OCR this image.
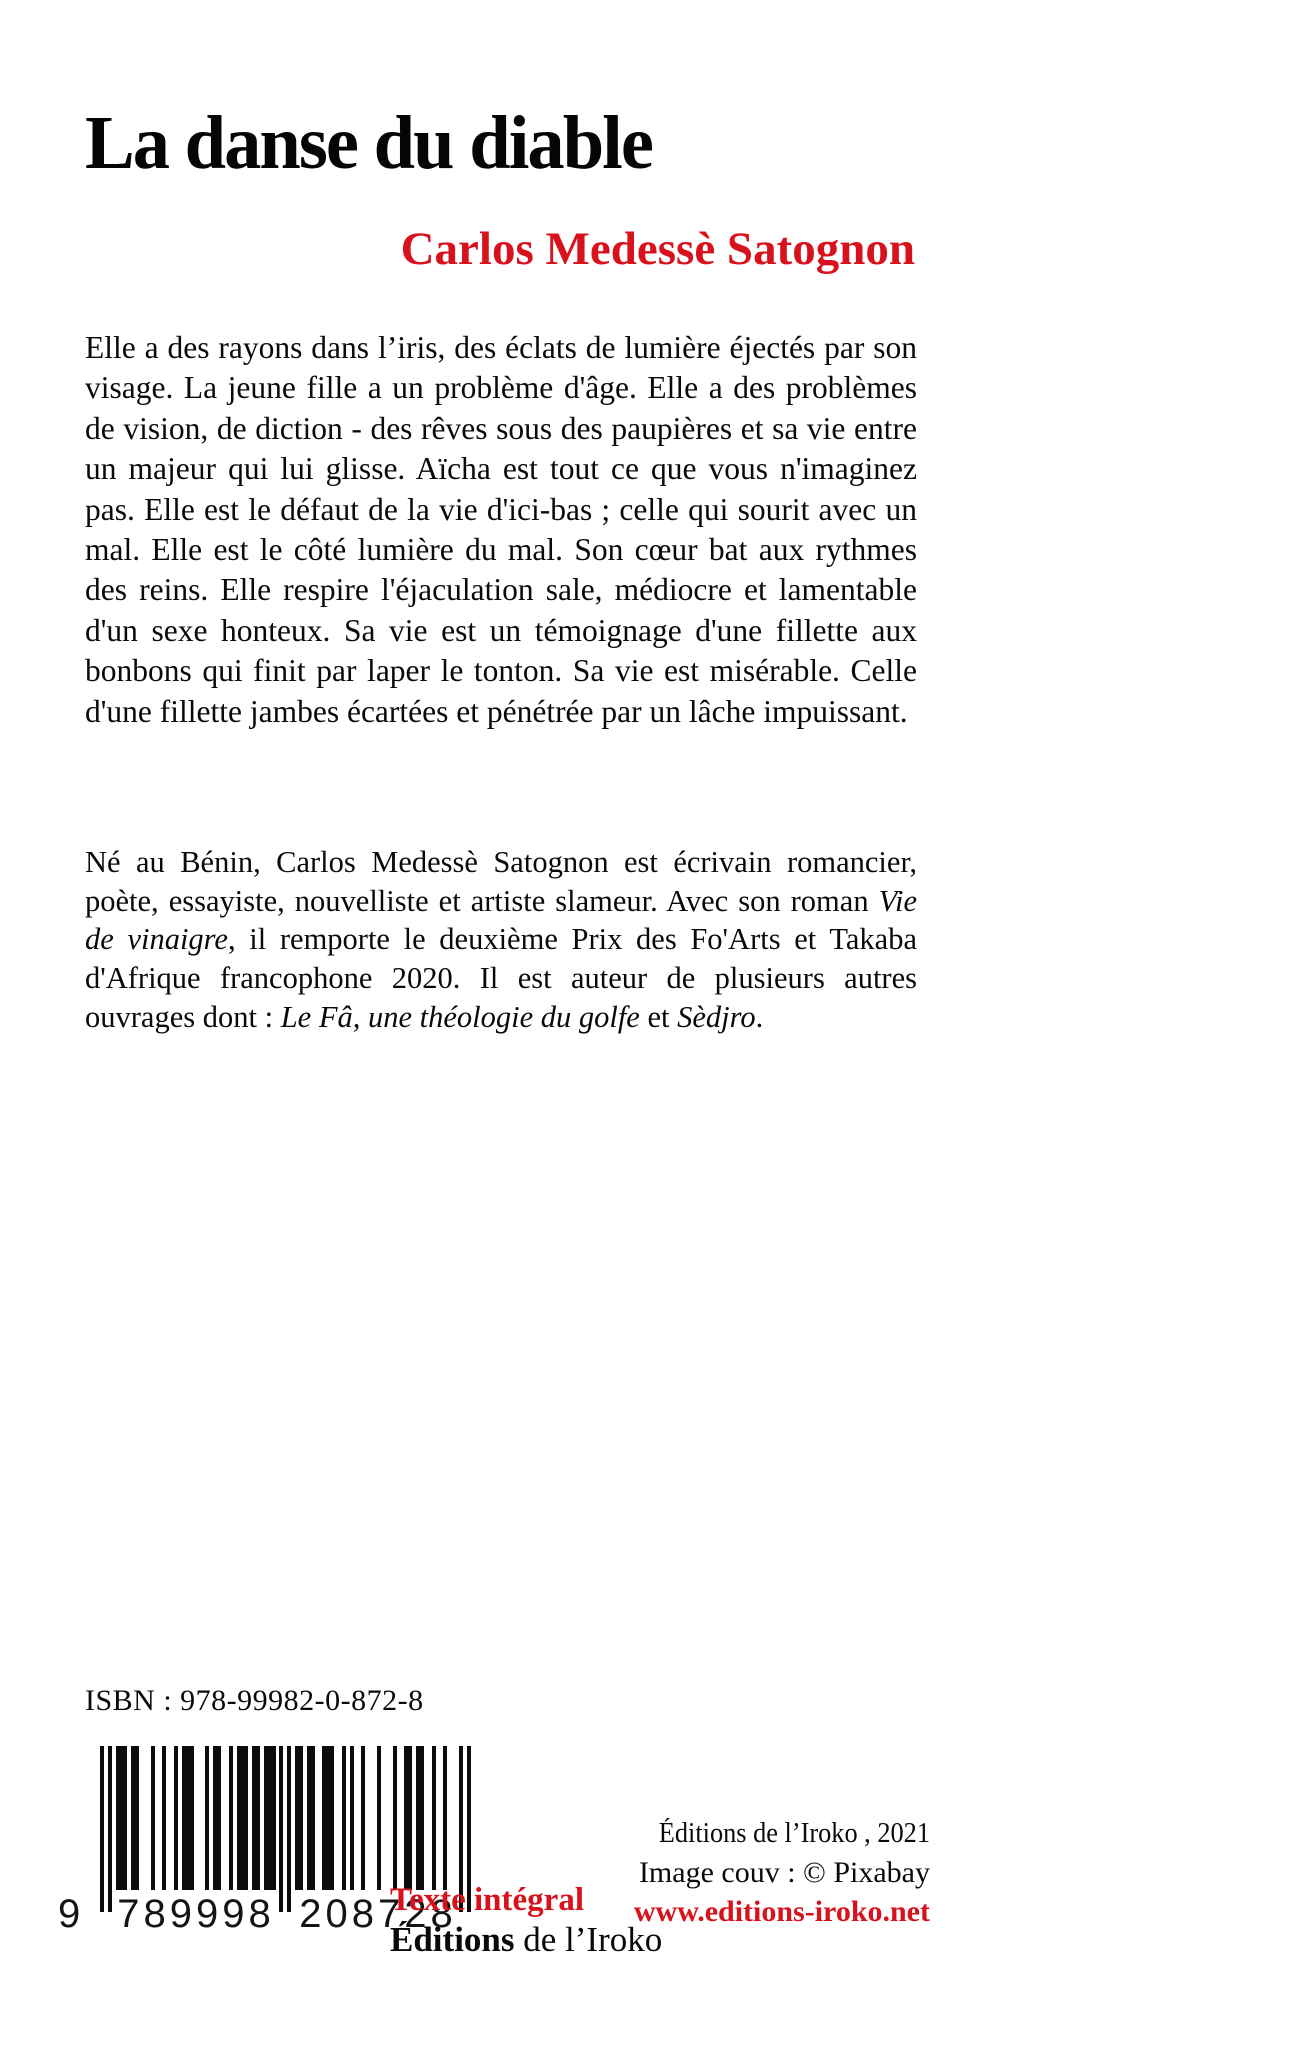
La danse du diable
Carlos Medessè Satognon
Elle a des rayons dans l’iris, des éclats de lumière éjectés par son visage. La jeune fille a un problème d'âge. Elle a des problèmes de vision, de diction - des rêves sous des paupières et sa vie entre un majeur qui lui glisse. Aïcha est tout ce que vous n'imaginez pas. Elle est le défaut de la vie d'ici-bas ; celle qui sourit avec un mal. Elle est le côté lumière du mal. Son cœur bat aux rythmes des reins. Elle respire l'éjaculation sale, médiocre et lamentable d'un sexe honteux. Sa vie est un témoignage d'une fillette aux bonbons qui finit par laper le tonton. Sa vie est misérable. Celle d'une fillette jambes écartées et pénétrée par un lâche impuissant.
Né au Bénin, Carlos Medessè Satognon est écrivain romancier, poète, essayiste, nouvelliste et artiste slameur. Avec son roman Vie de vinaigre, il remporte le deuxième Prix des Fo'Arts et Takaba d'Afrique francophone 2020. Il est auteur de plusieurs autres ouvrages dont : Le Fâ, une théologie du golfe et Sèdjro.
ISBN : 978-99982-0-872-8
9 789998 208728
Texte intégral
Éditions de l’Iroko
Éditions de l’Iroko , 2021
Image couv : © Pixabay
www.editions-iroko.net
